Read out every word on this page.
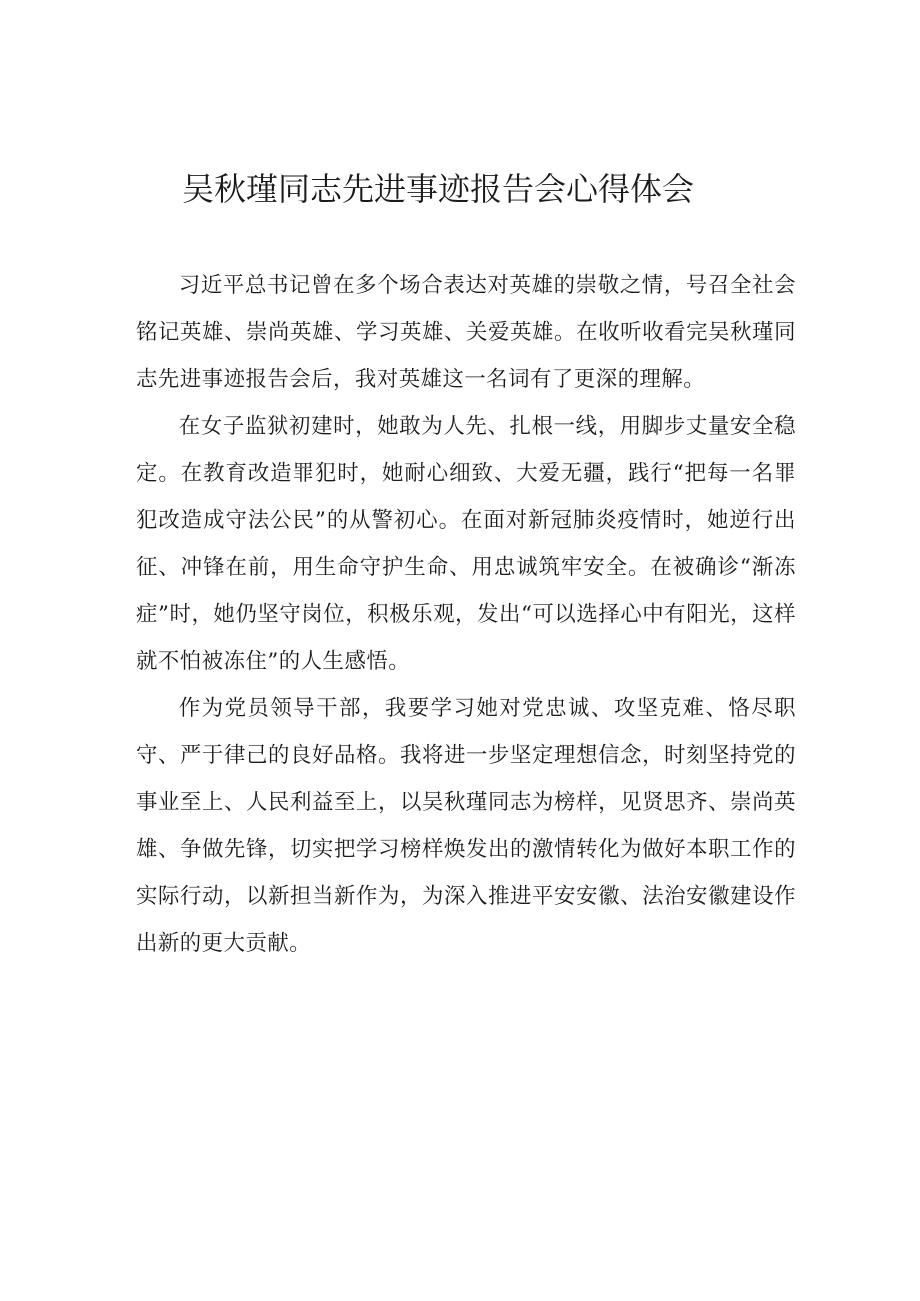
吴秋瑾同志先进事迹报告会心得体会

习近平总书记曾在多个场合表达对英雄的崇敬之情，号召全社会铭记英雄、崇尚英雄、学习英雄、关爱英雄。在收听收看完吴秋瑾同志先进事迹报告会后，我对英雄这一名词有了更深的理解。

在女子监狱初建时，她敢为人先、扎根一线，用脚步丈量安全稳定。在教育改造罪犯时，她耐心细致、大爱无疆，践行“把每一名罪犯改造成守法公民”的从警初心。在面对新冠肺炎疫情时，她逆行出征、冲锋在前，用生命守护生命、用忠诚筑牢安全。在被确诊“渐冻症”时，她仍坚守岗位，积极乐观，发出“可以选择心中有阳光，这样就不怕被冻住”的人生感悟。

作为党员领导干部，我要学习她对党忠诚、攻坚克难、恪尽职守、严于律己的良好品格。我将进一步坚定理想信念，时刻坚持党的事业至上、人民利益至上，以吴秋瑾同志为榜样，见贤思齐、崇尚英雄、争做先锋，切实把学习榜样焕发出的激情转化为做好本职工作的实际行动，以新担当新作为，为深入推进平安安徽、法治安徽建设作出新的更大贡献。
